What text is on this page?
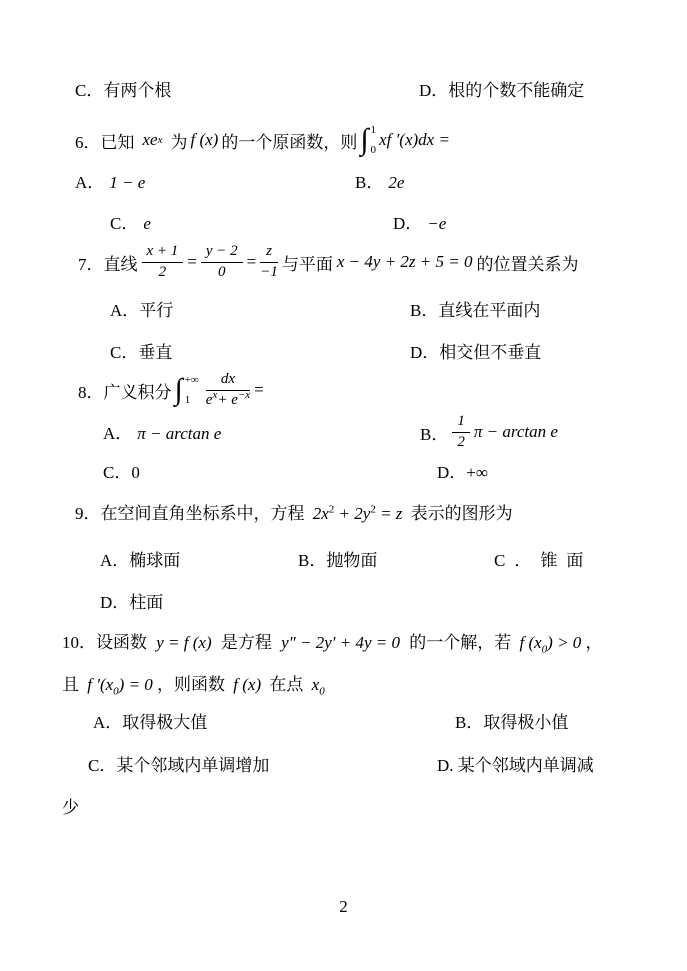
C．有两个根	D．根的个数不能确定
6．已知 xe x 为 f (x) 的一个原函数，则 ∫ 1
0
xf ′(x)dx =
A． 1 − e	B． 2e
C． e	D． −e
7．直线 $\frac{x + 1}{2} = \frac{y - 2}{0} = \frac{z}{-1}$ 与平面 x − 4y + 2z + 5 = 0 的位置关系为
A．平行	B．直线在平面内
C．垂直	D．相交但不垂直
8．广义积分 ∫ +∞
1	$\frac{dx}{e^x+ e^{-x}}$ =
A． π − arctan e	B． $\frac{1}{2}$ π − arctan e
C．0	D．+∞
9．在空间直角坐标系中，方程 $2x^2 + 2y^2 = z$ 表示的图形为
A．椭球面	B．抛物面	C．锥面
D．柱面
10．设函数 y = f (x) 是方程 y″ − 2y′ + 4y = 0 的一个解，若 f $(x_0) > 0$ ，
且 f $'(x_0) = 0$ ，则函数 f (x) 在点 $x_0$
A．取得极大值	B．取得极小值
C．某个邻域内单调增加	D. 某个邻域内单调减
少
2
